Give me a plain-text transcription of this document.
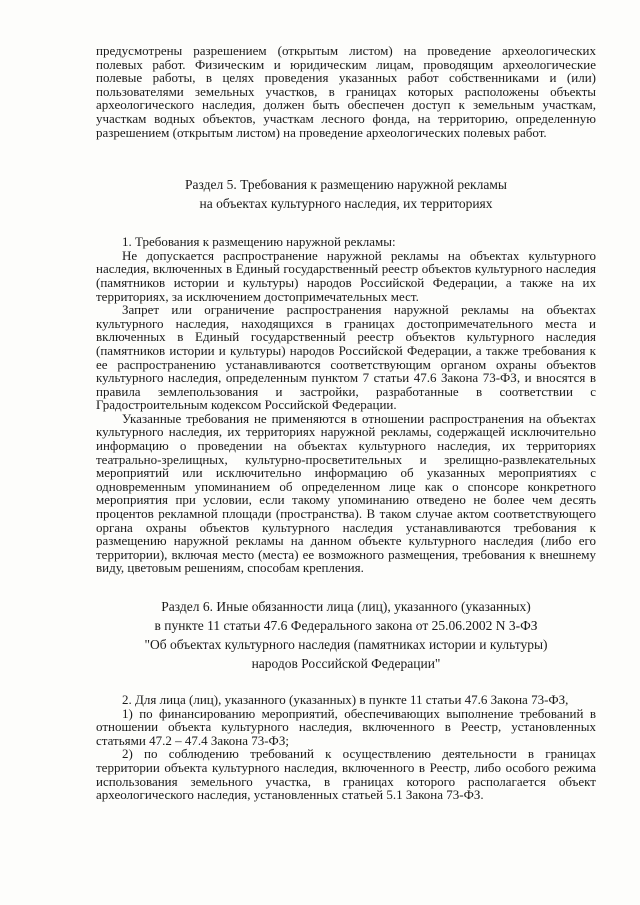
предусмотрены разрешением (открытым листом) на проведение археологических полевых работ. Физическим и юридическим лицам, проводящим археологические полевые работы, в целях проведения указанных работ собственниками и (или) пользователями земельных участков, в границах которых расположены объекты археологического наследия, должен быть обеспечен доступ к земельным участкам, участкам водных объектов, участкам лесного фонда, на территорию, определенную разрешением (открытым листом) на проведение археологических полевых работ.

Раздел 5. Требования к размещению наружной рекламы
на объектах культурного наследия, их территориях

1. Требования к размещению наружной рекламы:

Не допускается распространение наружной рекламы на объектах культурного наследия, включенных в Единый государственный реестр объектов культурного наследия (памятников истории и культуры) народов Российской Федерации, а также на их территориях, за исключением достопримечательных мест.

Запрет или ограничение распространения наружной рекламы на объектах культурного наследия, находящихся в границах достопримечательного места и включенных в Единый государственный реестр объектов культурного наследия (памятников истории и культуры) народов Российской Федерации, а также требования к ее распространению устанавливаются соответствующим органом охраны объектов культурного наследия, определенным пунктом 7 статьи 47.6 Закона 73-ФЗ, и вносятся в правила землепользования и застройки, разработанные в соответствии с Градостроительным кодексом Российской Федерации.

Указанные требования не применяются в отношении распространения на объектах культурного наследия, их территориях наружной рекламы, содержащей исключительно информацию о проведении на объектах культурного наследия, их территориях театрально-зрелищных, культурно-просветительных и зрелищно-развлекательных мероприятий или исключительно информацию об указанных мероприятиях с одновременным упоминанием об определенном лице как о спонсоре конкретного мероприятия при условии, если такому упоминанию отведено не более чем десять процентов рекламной площади (пространства). В таком случае актом соответствующего органа охраны объектов культурного наследия устанавливаются требования к размещению наружной рекламы на данном объекте культурного наследия (либо его территории), включая место (места) ее возможного размещения, требования к внешнему виду, цветовым решениям, способам крепления.

Раздел 6. Иные обязанности лица (лиц), указанного (указанных)
в пункте 11 статьи 47.6 Федерального закона от 25.06.2002 N 3-ФЗ
"Об объектах культурного наследия (памятниках истории и культуры)
народов Российской Федерации"

2. Для лица (лиц), указанного (указанных) в пункте 11 статьи 47.6 Закона 73-ФЗ,

1) по финансированию мероприятий, обеспечивающих выполнение требований в отношении объекта культурного наследия, включенного в Реестр, установленных статьями 47.2 – 47.4 Закона 73-ФЗ;

2) по соблюдению требований к осуществлению деятельности в границах территории объекта культурного наследия, включенного в Реестр, либо особого режима использования земельного участка, в границах которого располагается объект археологического наследия, установленных статьей 5.1 Закона 73-ФЗ.
